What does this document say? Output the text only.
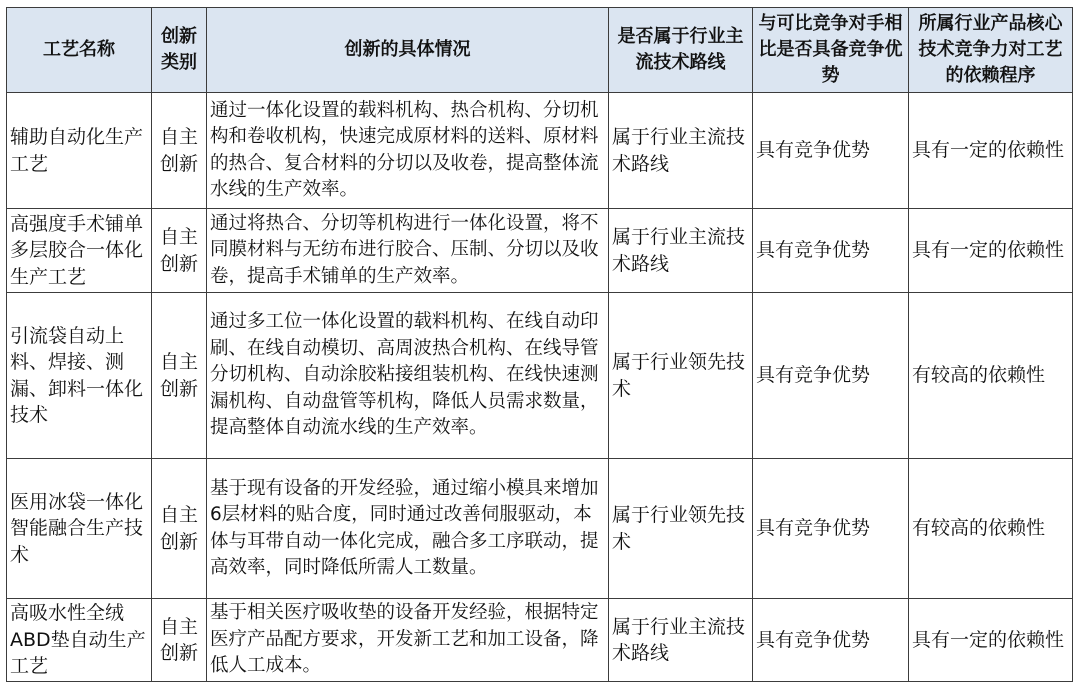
工艺名称	创新类别	创新的具体情况	是否属于行业主流技术路线	与可比竞争对手相比是否具备竞争优势	所属行业产品核心技术竞争力对工艺的依赖程序
辅助自动化生产工艺	自主创新	通过一体化设置的载料机构、热合机构、分切机构和卷收机构，快速完成原材料的送料、原材料的热合、复合材料的分切以及收卷，提高整体流水线的生产效率。	属于行业主流技术路线	具有竞争优势	具有一定的依赖性
高强度手术铺单多层胶合一体化生产工艺	自主创新	通过将热合、分切等机构进行一体化设置，将不同膜材料与无纺布进行胶合、压制、分切以及收卷，提高手术铺单的生产效率。	属于行业主流技术路线	具有竞争优势	具有一定的依赖性
引流袋自动上料、焊接、测漏、卸料一体化技术	自主创新	通过多工位一体化设置的载料机构、在线自动印刷、在线自动模切、高周波热合机构、在线导管分切机构、自动涂胶粘接组装机构、在线快速测漏机构、自动盘管等机构，降低人员需求数量，提高整体自动流水线的生产效率。	属于行业领先技术	具有竞争优势	有较高的依赖性
医用冰袋一体化智能融合生产技术	自主创新	基于现有设备的开发经验，通过缩小模具来增加6层材料的贴合度，同时通过改善伺服驱动，本体与耳带自动一体化完成，融合多工序联动，提高效率，同时降低所需人工数量。	属于行业领先技术	具有竞争优势	有较高的依赖性
高吸水性全绒ABD垫自动生产工艺	自主创新	基于相关医疗吸收垫的设备开发经验，根据特定医疗产品配方要求，开发新工艺和加工设备，降低人工成本。	属于行业主流技术路线	具有竞争优势	具有一定的依赖性
